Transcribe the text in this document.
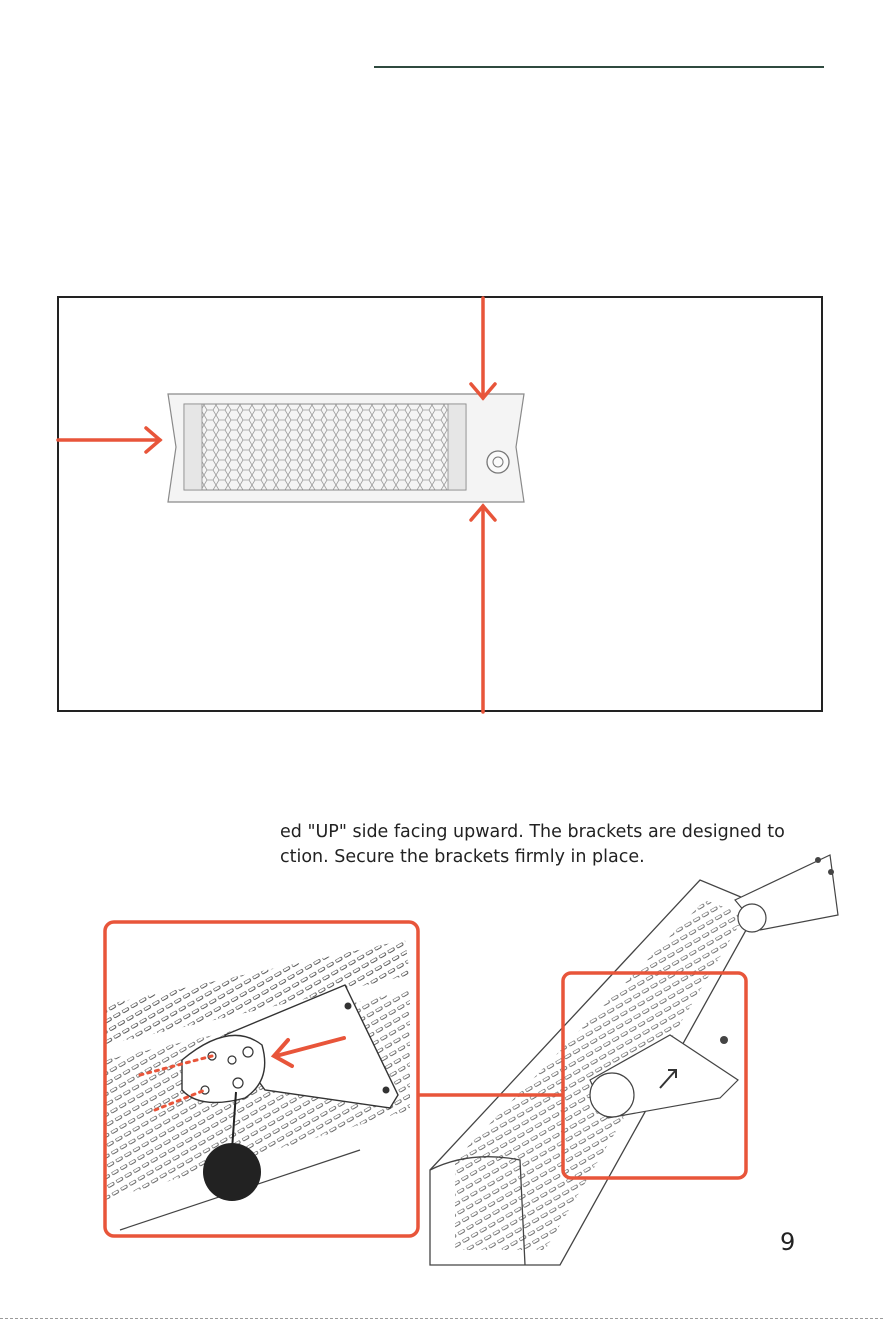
ed "UP" side facing upward. The brackets are designed to
ction. Secure the brackets firmly in place.
9
